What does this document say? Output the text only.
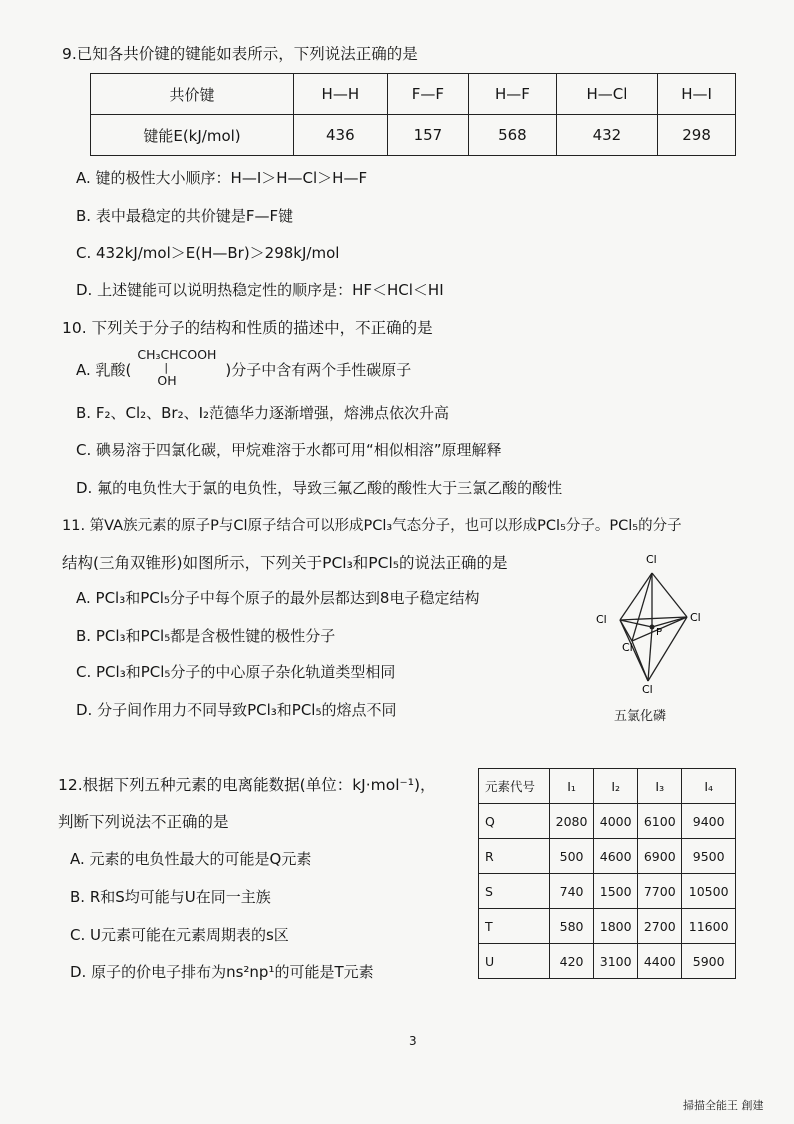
9.已知各共价键的键能如表所示，下列说法正确的是
共价键	H—H	F—F	H—F	H—Cl	H—I
键能E(kJ/mol)	436	157	568	432	298
A. 键的极性大小顺序：H—I＞H—Cl＞H—F
B. 表中最稳定的共价键是F—F键
C. 432kJ/mol＞E(H—Br)＞298kJ/mol
D. 上述键能可以说明热稳定性的顺序是：HF＜HCl＜HI
10. 下列关于分子的结构和性质的描述中，不正确的是
A. 乳酸(
CH₃CHCOOH
|
OH
)分子中含有两个手性碳原子
B. F₂、Cl₂、Br₂、I₂范德华力逐渐增强，熔沸点依次升高
C. 碘易溶于四氯化碳，甲烷难溶于水都可用“相似相溶”原理解释
D. 氟的电负性大于氯的电负性，导致三氟乙酸的酸性大于三氯乙酸的酸性
11. 第VA族元素的原子P与Cl原子结合可以形成PCl₃气态分子，也可以形成PCl₅分子。PCl₅的分子
结构(三角双锥形)如图所示，下列关于PCl₃和PCl₅的说法正确的是
A. PCl₃和PCl₅分子中每个原子的最外层都达到8电子稳定结构
B. PCl₃和PCl₅都是含极性键的极性分子
C. PCl₃和PCl₅分子的中心原子杂化轨道类型相同
D. 分子间作用力不同导致PCl₃和PCl₅的熔点不同
Cl
Cl	Cl
Cl
P
Cl
五氯化磷
12.根据下列五种元素的电离能数据(单位：kJ·mol⁻¹)，
判断下列说法不正确的是
A. 元素的电负性最大的可能是Q元素
B. R和S均可能与U在同一主族
C. U元素可能在元素周期表的s区
D. 原子的价电子排布为ns²np¹的可能是T元素
元素代号	I₁	I₂	I₃	I₄
Q	2080	4000	6100	9400
R	500	4600	6900	9500
S	740	1500	7700	10500
T	580	1800	2700	11600
U	420	3100	4400	5900
3
掃描全能王 創建
